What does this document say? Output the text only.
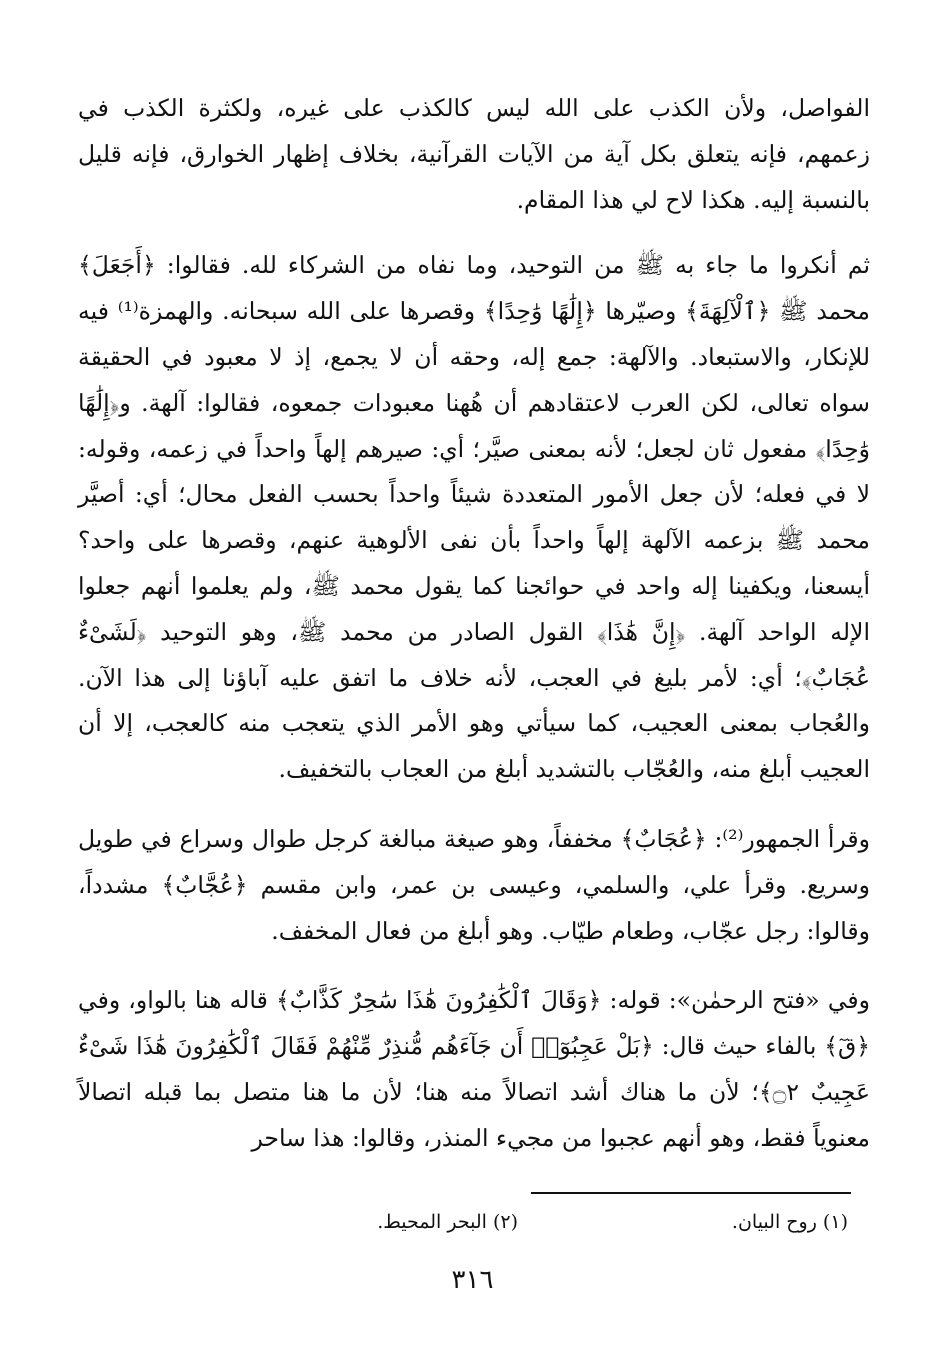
الفواصل، ولأن الكذب على الله ليس كالكذب على غيره، ولكثرة الكذب في زعمهم، فإنه يتعلق بكل آية من الآيات القرآنية، بخلاف إظهار الخوارق، فإنه قليل بالنسبة إليه. هكذا لاح لي هذا المقام.

ثم أنكروا ما جاء به ﷺ من التوحيد، وما نفاه من الشركاء لله. فقالوا: ﴿أَجَعَلَ﴾ محمد ﷺ ﴿ٱلْآلِهَةَ﴾ وصيّرها ﴿إِلَٰهًا وَٰحِدًا﴾ وقصرها على الله سبحانه. والهمزة⁽¹⁾ فيه للإنكار، والاستبعاد. والآلهة: جمع إله، وحقه أن لا يجمع، إذ لا معبود في الحقيقة سواه تعالى، لكن العرب لاعتقادهم أن هُهنا معبودات جمعوه، فقالوا: آلهة. و﴿إِلَٰهًا وَٰحِدًا﴾ مفعول ثان لجعل؛ لأنه بمعنى صيَّر؛ أي: صيرهم إلهاً واحداً في زعمه، وقوله: لا في فعله؛ لأن جعل الأمور المتعددة شيئاً واحداً بحسب الفعل محال؛ أي: أصيَّر محمد ﷺ بزعمه الآلهة إلهاً واحداً بأن نفى الألوهية عنهم، وقصرها على واحد؟ أيسعنا، ويكفينا إله واحد في حوائجنا كما يقول محمد ﷺ، ولم يعلموا أنهم جعلوا الإله الواحد آلهة. ﴿إِنَّ هَٰذَا﴾ القول الصادر من محمد ﷺ، وهو التوحيد ﴿لَشَىْءٌ عُجَابٌ﴾؛ أي: لأمر بليغ في العجب، لأنه خلاف ما اتفق عليه آباؤنا إلى هذا الآن. والعُجاب بمعنى العجيب، كما سيأتي وهو الأمر الذي يتعجب منه كالعجب، إلا أن العجيب أبلغ منه، والعُجّاب بالتشديد أبلغ من العجاب بالتخفيف.

وقرأ الجمهور⁽²⁾: ﴿عُجَابٌ﴾ مخففاً، وهو صيغة مبالغة كرجل طوال وسراع في طويل وسريع. وقرأ علي، والسلمي، وعيسى بن عمر، وابن مقسم ﴿عُجَّابٌ﴾ مشدداً، وقالوا: رجل عجّاب، وطعام طيّاب. وهو أبلغ من فعال المخفف.

وفي «فتح الرحمٰن»: قوله: ﴿وَقَالَ ٱلْكَٰفِرُونَ هَٰذَا سَٰحِرٌ كَذَّابٌ﴾ قاله هنا بالواو، وفي ﴿قٓ﴾ بالفاء حيث قال: ﴿بَلْ عَجِبُوٓا۟ أَن جَآءَهُم مُّنذِرٌ مِّنْهُمْ فَقَالَ ٱلْكَٰفِرُونَ هَٰذَا شَىْءٌ عَجِيبٌ ۝٢﴾؛ لأن ما هناك أشد اتصالاً منه هنا؛ لأن ما هنا متصل بما قبله اتصالاً معنوياً فقط، وهو أنهم عجبوا من مجيء المنذر، وقالوا: هذا ساحر

(١) روح البيان.
(٢) البحر المحيط.
٣١٦
